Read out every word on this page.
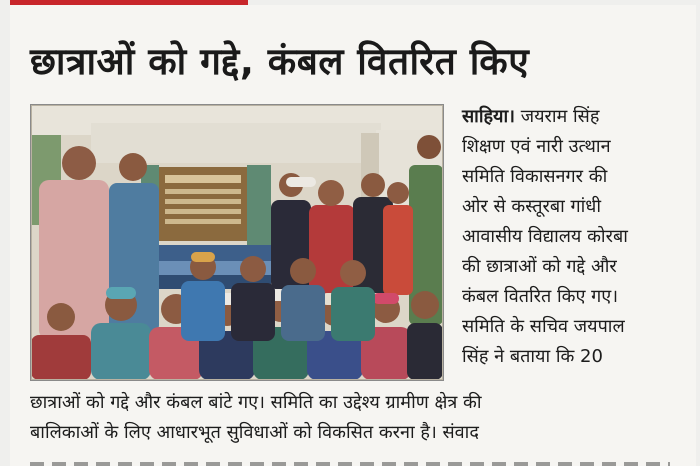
छात्राओं को गद्दे, कंबल वितरित किए
साहिया। जयराम सिंह
शिक्षण एवं नारी उत्थान
समिति विकासनगर की
ओर से कस्तूरबा गांधी
आवासीय विद्यालय कोरबा
की छात्राओं को गद्दे और
कंबल वितरित किए गए।
समिति के सचिव जयपाल
सिंह ने बताया कि 20
छात्राओं को गद्दे और कंबल बांटे गए। समिति का उद्देश्य ग्रामीण क्षेत्र की
बालिकाओं के लिए आधारभूत सुविधाओं को विकसित करना है। संवाद
